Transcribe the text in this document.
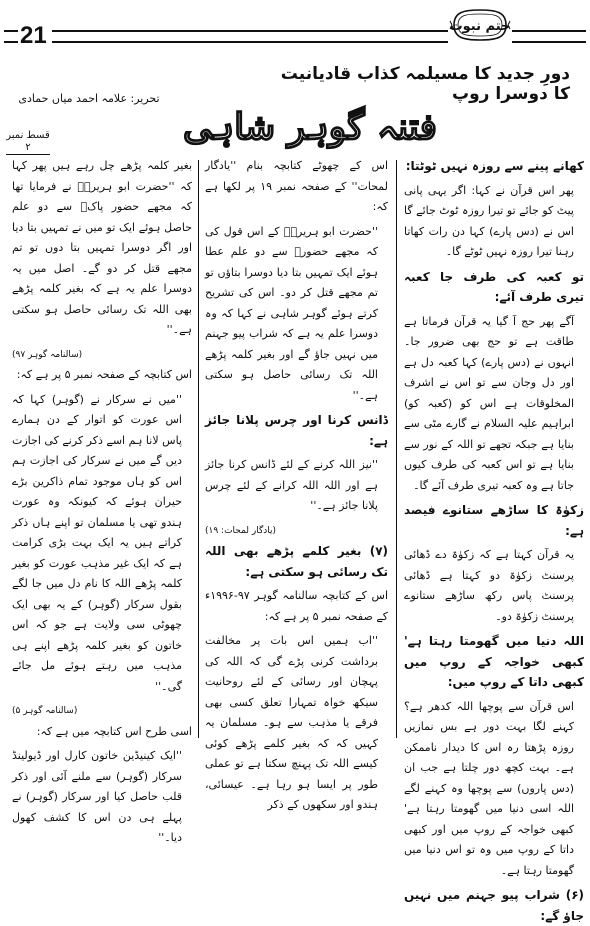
21	ختم نبوت
دورِ جدید کا مسیلمہ کذاب قادیانیت کا دوسرا روپ
تحریر: علامہ احمد میاں حمادی
فتنہ گوہر شاہی
قسط نمبر ۲

کھانے پینے سے روزہ نہیں ٹوٹتا:

پھر اس قرآن نے کہا: اگر یہی پانی پیٹ کو جائے تو تیرا روزہ ٹوٹ جائے گا اس نے (دس پارے) کہا دن رات کھاتا رہنا تیرا روزہ نہیں ٹوٹے گا۔

تو کعبہ کی طرف جا کعبہ تیری طرف آئے:

آگے پھر حج آ گیا یہ قرآن فرماتا ہے طاقت ہے تو حج بھی ضرور جا۔ انہوں نے (دس پارے) کہا کعبہ دل ہے اور دل وجان سے تو اس نے اشرف المخلوقات ہے اس کو (کعبہ کو) ابراہیم علیہ السلام نے گارے مٹی سے بنایا ہے جبکہ تجھے تو اللہ کے نور سے بنایا ہے تو اس کعبہ کی طرف کیوں جاتا ہے وہ کعبہ تیری طرف آئے گا۔

زکوٰۃ کا ساڑھے ستانوے فیصد ہے:

یہ قرآن کہتا ہے کہ زکوٰۃ دے ڈھائی پرسنٹ زکوٰۃ دو کہتا ہے ڈھائی پرسنٹ پاس رکھ ساڑھے ستانوے پرسنٹ زکوٰۃ دو۔

اللہ دنیا میں گھومتا رہتا ہے' کبھی خواجہ کے روپ میں کبھی داتا کے روپ میں:

اس قرآن سے پوچھا اللہ کدھر ہے؟ کہنے لگا بہت دور ہے بس نمازیں روزہ پڑھتا رہ اس کا دیدار ناممکن ہے۔ بہت کچھ دور چلتا ہے جب ان (دس پاروں) سے پوچھا وہ کہنے لگے اللہ اسی دنیا میں گھومتا رہتا ہے' کبھی خواجہ کے روپ میں اور کبھی داتا کے روپ میں وہ تو اس دنیا میں گھومتا رہتا ہے۔

(۶) شراب پیو جہنم میں نہیں جاؤ گے:

اس کے چھوٹے کتابچہ بنام ''یادگار لمحات'' کے صفحہ نمبر ۱۹ پر لکھا ہے کہ:

''حضرت ابو ہریرہؓ کے اس قول کی کہ مجھے حضورؐ سے دو علم عطا ہوئے ایک تمہیں بتا دیا دوسرا بتاؤں تو تم مجھے قتل کر دو۔ اس کی تشریح کرتے ہوئے گوہر شاہی نے کہا کہ وہ دوسرا علم یہ ہے کہ شراب پیو جہنم میں نہیں جاؤ گے اور بغیر کلمہ پڑھے اللہ تک رسائی حاصل ہو سکتی ہے۔''

ڈانس کرنا اور چرس پلانا جائز ہے:

''نیز اللہ کرنے کے لئے ڈانس کرنا جائز ہے اور اللہ اللہ کرانے کے لئے چرس پلانا جائز ہے۔''

(یادگار لمحات: ۱۹)

(۷) بغیر کلمے پڑھے بھی اللہ تک رسائی ہو سکتی ہے:

اس کے کتابچہ سالنامہ گوہر ۹۷-۱۹۹۶ء کے صفحہ نمبر ۵ پر ہے کہ:

''اب ہمیں اس بات پر مخالفت برداشت کرنی پڑے گی کہ اللہ کی پہچان اور رسائی کے لئے روحانیت سیکھ خواہ تمہارا تعلق کسی بھی فرقے یا مذہب سے ہو۔ مسلمان یہ کہیں کہ کہ بغیر کلمے پڑھے کوئی کیسے اللہ تک پہنچ سکتا ہے تو عملی طور پر ایسا ہو رہا ہے۔ عیسائی، ہندو اور سکھوں کے ذکر

بغیر کلمہ پڑھے چل رہے ہیں پھر کہا کہ ''حضرت ابو ہریرہؓ نے فرمایا تھا کہ مجھے حضور پاکؐ سے دو علم حاصل ہوئے ایک تو میں نے تمہیں بتا دیا اور اگر دوسرا تمہیں بتا دوں تو تم مجھے قتل کر دو گے۔ اصل میں یہ دوسرا علم یہ ہے کہ بغیر کلمہ پڑھے بھی اللہ تک رسائی حاصل ہو سکتی ہے۔''

(سالنامہ گوہر ۹۷)

اس کتابچہ کے صفحہ نمبر ۵ پر ہے کہ:

''میں نے سرکار نے (گوہر) کہا کہ اس عورت کو اتوار کے دن ہمارے پاس لانا ہم اسے ذکر کرنے کی اجازت دیں گے میں نے سرکار کی اجازت ہم اس کو ہاں موجود تمام ذاکرین بڑے حیران ہوئے کہ کیونکہ وہ عورت ہندو تھی یا مسلمان تو اپنے ہاں ذکر کراتے ہیں یہ ایک بہت بڑی کرامت ہے کہ ایک غیر مذہب عورت کو بغیر کلمہ پڑھے اللہ کا نام دل میں جا لگے بقول سرکار (گوہر) کے یہ بھی ایک چھوٹی سی ولایت ہے جو کہ اس خاتون کو بغیر کلمہ پڑھے اپنے ہی مذہب میں رہتے ہوئے مل جائے گی۔''

(سالنامہ گوہر ۵)

اسی طرح اس کتابچہ میں ہے کہ:

''ایک کینیڈین خاتون کارل اور ڈیولینڈ سرکار (گوہر) سے ملنے آئی اور ذکر قلب حاصل کیا اور سرکار (گوہر) نے پہلے ہی دن اس کا کشف کھول دیا۔''
